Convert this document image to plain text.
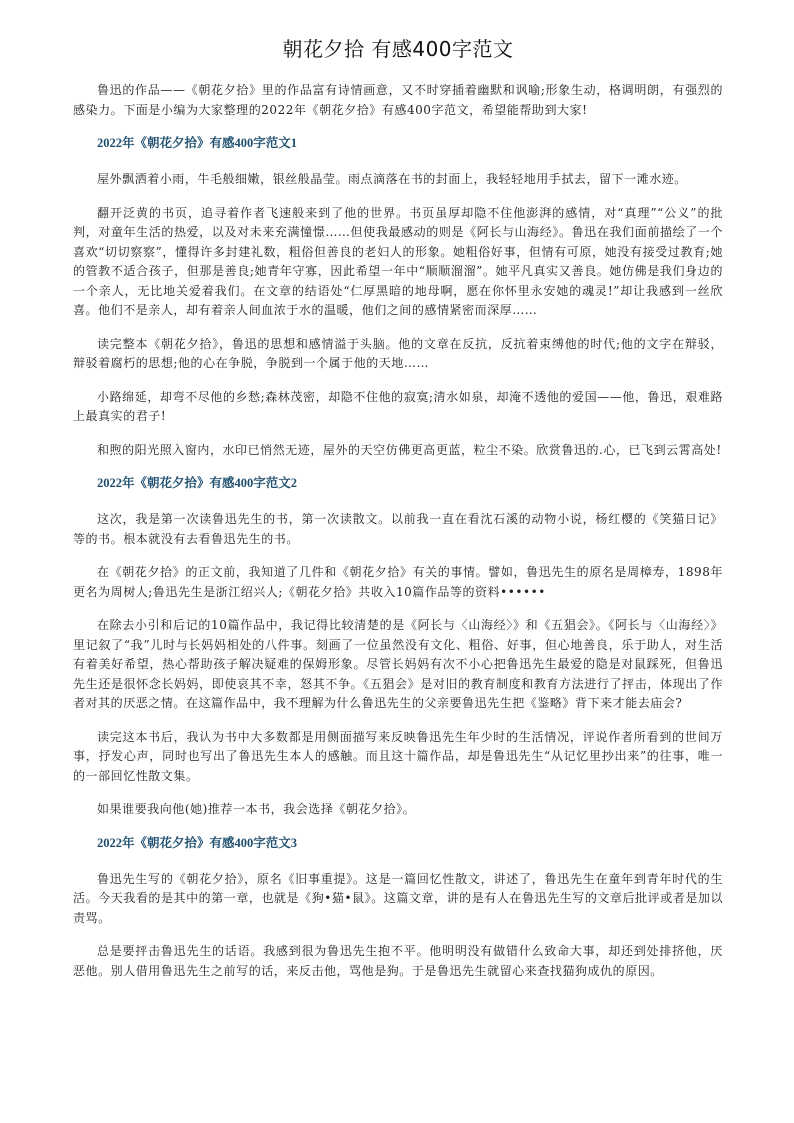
朝花夕拾 有感400字范文

鲁迅的作品——《朝花夕拾》里的作品富有诗情画意，又不时穿插着幽默和讽喻;形象生动，格调明朗，有强烈的感染力。下面是小编为大家整理的2022年《朝花夕拾》有感400字范文，希望能帮助到大家!

2022年《朝花夕拾》有感400字范文1

屋外飘洒着小雨，牛毛般细嫩，银丝般晶莹。雨点滴落在书的封面上，我轻轻地用手拭去，留下一滩水迹。

翻开泛黄的书页，追寻着作者飞速般来到了他的世界。书页虽厚却隐不住他澎湃的感情，对“真理”“公义”的批判，对童年生活的热爱，以及对未来充满憧憬……但使我最感动的则是《阿长与山海经》。鲁迅在我们面前描绘了一个喜欢“切切察察”，懂得许多封建礼数，粗俗但善良的老妇人的形象。她粗俗好事，但情有可原，她没有接受过教育;她的管教不适合孩子，但那是善良;她青年守寡，因此希望一年中“顺顺溜溜”。她平凡真实又善良。她仿佛是我们身边的一个亲人，无比地关爱着我们。在文章的结语处“仁厚黑暗的地母啊，愿在你怀里永安她的魂灵!”却让我感到一丝欣喜。他们不是亲人，却有着亲人间血浓于水的温暖，他们之间的感情紧密而深厚……

读完整本《朝花夕拾》，鲁迅的思想和感情溢于头脑。他的文章在反抗，反抗着束缚他的时代;他的文字在辩驳，辩驳着腐朽的思想;他的心在争脱，争脱到一个属于他的天地……

小路绵延，却弯不尽他的乡愁;森林茂密，却隐不住他的寂寞;清水如泉，却淹不透他的爱国——他，鲁迅，艰难路上最真实的君子!

和煦的阳光照入窗内，水印已悄然无迹，屋外的天空仿佛更高更蓝，粒尘不染。欣赏鲁迅的.心，已飞到云霄高处!

2022年《朝花夕拾》有感400字范文2

这次，我是第一次读鲁迅先生的书，第一次读散文。以前我一直在看沈石溪的动物小说，杨红樱的《笑猫日记》等的书。根本就没有去看鲁迅先生的书。

在《朝花夕拾》的正文前，我知道了几件和《朝花夕拾》有关的事情。譬如，鲁迅先生的原名是周樟寿，1898年更名为周树人;鲁迅先生是浙江绍兴人;《朝花夕拾》共收入10篇作品等的资料••••••

在除去小引和后记的10篇作品中，我记得比较清楚的是《阿长与〈山海经〉》和《五猖会》。《阿长与〈山海经〉》里记叙了“我”儿时与长妈妈相处的八件事。刻画了一位虽然没有文化、粗俗、好事，但心地善良，乐于助人，对生活有着美好希望，热心帮助孩子解决疑难的保姆形象。尽管长妈妈有次不小心把鲁迅先生最爱的隐是对鼠踩死，但鲁迅先生还是很怀念长妈妈，即使哀其不幸，怒其不争。《五猖会》是对旧的教育制度和教育方法进行了抨击，体现出了作者对其的厌恶之情。在这篇作品中，我不理解为什么鲁迅先生的父亲要鲁迅先生把《鉴略》背下来才能去庙会?

读完这本书后，我认为书中大多数都是用侧面描写来反映鲁迅先生年少时的生活情况，评说作者所看到的世间万事，抒发心声，同时也写出了鲁迅先生本人的感触。而且这十篇作品，却是鲁迅先生“从记忆里抄出来”的往事，唯一的一部回忆性散文集。

如果谁要我向他(她)推荐一本书，我会选择《朝花夕拾》。

2022年《朝花夕拾》有感400字范文3

鲁迅先生写的《朝花夕拾》，原名《旧事重提》。这是一篇回忆性散文，讲述了，鲁迅先生在童年到青年时代的生活。今天我看的是其中的第一章，也就是《狗•猫•鼠》。这篇文章，讲的是有人在鲁迅先生写的文章后批评或者是加以责骂。

总是要抨击鲁迅先生的话语。我感到很为鲁迅先生抱不平。他明明没有做错什么致命大事，却还到处排挤他，厌恶他。别人借用鲁迅先生之前写的话，来反击他，骂他是狗。于是鲁迅先生就留心来查找猫狗成仇的原因。
